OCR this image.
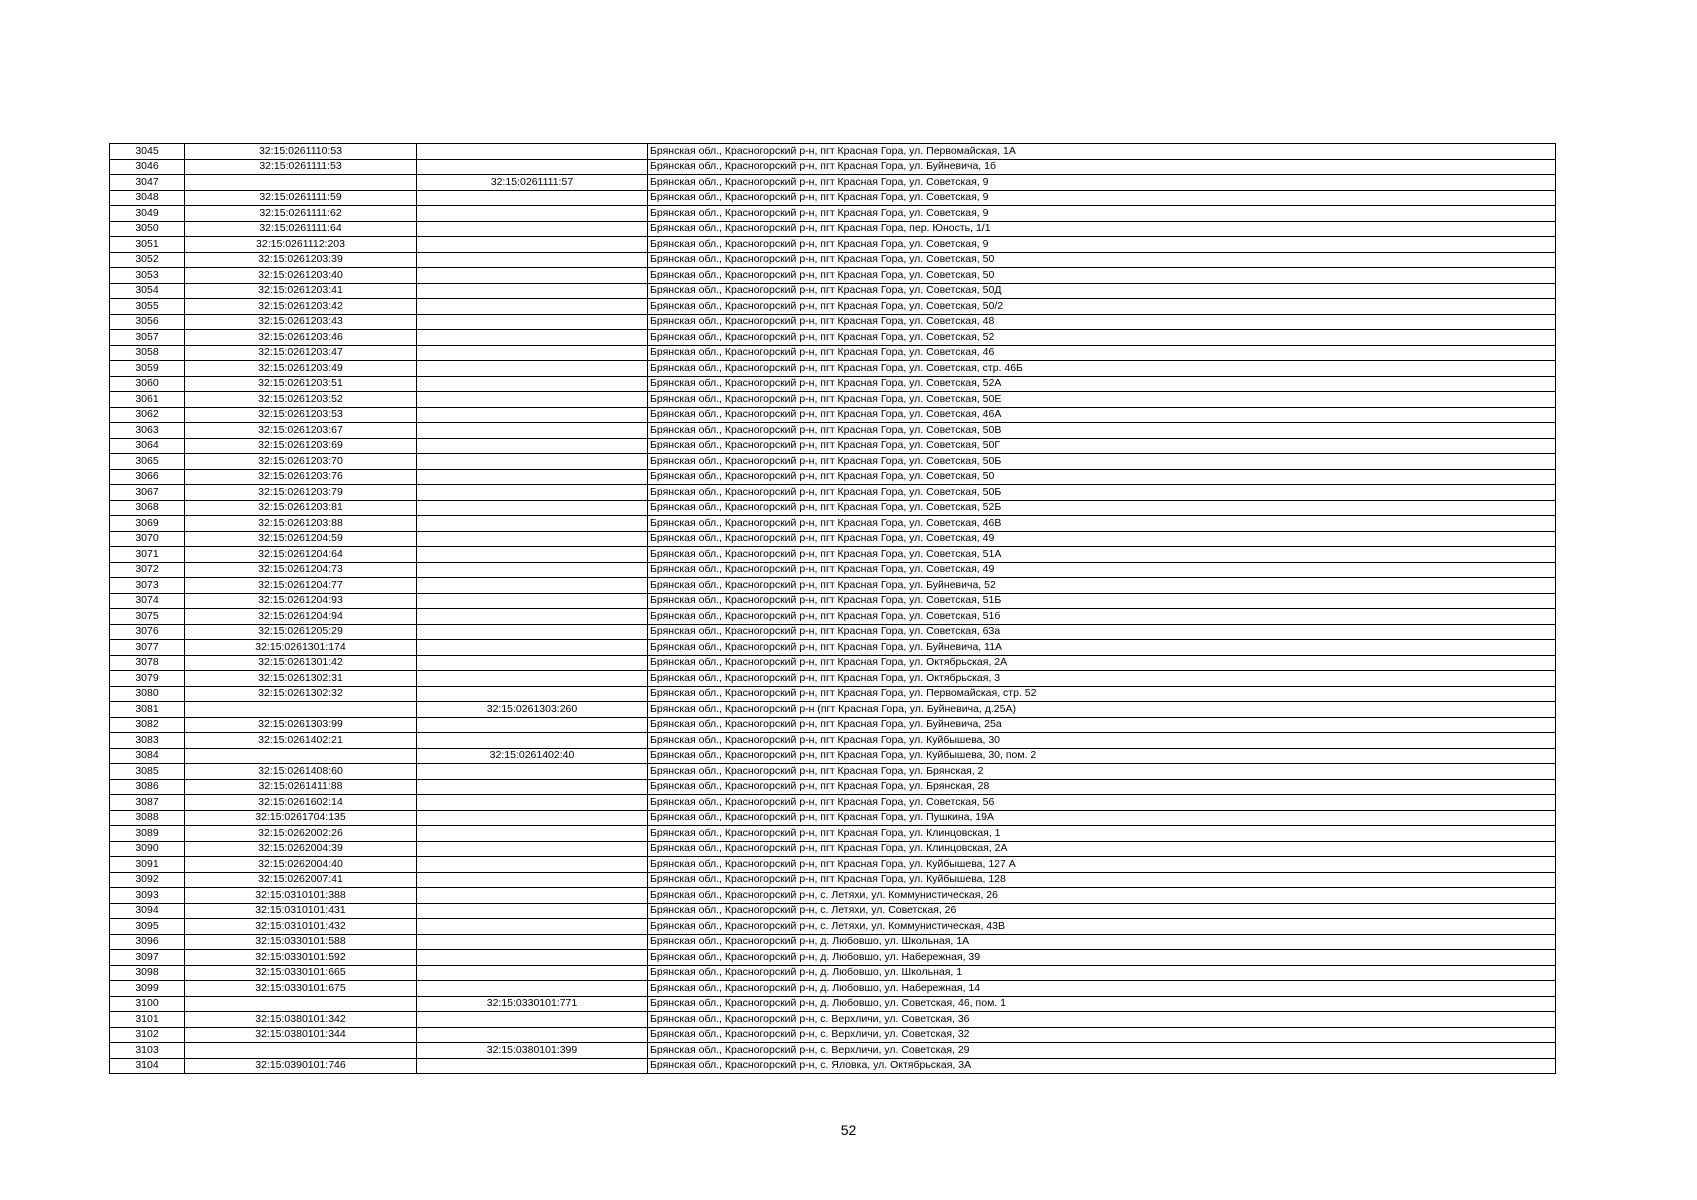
3045	32:15:0261110:53		Брянская обл., Красногорский р-н, пгт Красная Гора, ул. Первомайская, 1А
3046	32:15:0261111:53		Брянская обл., Красногорский р-н, пгт Красная Гора, ул. Буйневича, 1б
3047		32:15:0261111:57	Брянская обл., Красногорский р-н, пгт Красная Гора, ул. Советская, 9
3048	32:15:0261111:59		Брянская обл., Красногорский р-н, пгт Красная Гора, ул. Советская, 9
3049	32:15:0261111:62		Брянская обл., Красногорский р-н, пгт Красная Гора, ул. Советская, 9
3050	32:15:0261111:64		Брянская обл., Красногорский р-н, пгт Красная Гора, пер. Юность, 1/1
3051	32:15:0261112:203		Брянская обл., Красногорский р-н, пгт Красная Гора, ул. Советская, 9
3052	32:15:0261203:39		Брянская обл., Красногорский р-н, пгт Красная Гора, ул. Советская, 50
3053	32:15:0261203:40		Брянская обл., Красногорский р-н, пгт Красная Гора, ул. Советская, 50
3054	32:15:0261203:41		Брянская обл., Красногорский р-н, пгт Красная Гора, ул. Советская, 50Д
3055	32:15:0261203:42		Брянская обл., Красногорский р-н, пгт Красная Гора, ул. Советская, 50/2
3056	32:15:0261203:43		Брянская обл., Красногорский р-н, пгт Красная Гора, ул. Советская, 48
3057	32:15:0261203:46		Брянская обл., Красногорский р-н, пгт Красная Гора, ул. Советская, 52
3058	32:15:0261203:47		Брянская обл., Красногорский р-н, пгт Красная Гора, ул. Советская, 46
3059	32:15:0261203:49		Брянская обл., Красногорский р-н, пгт Красная Гора, ул. Советская, стр. 46Б
3060	32:15:0261203:51		Брянская обл., Красногорский р-н, пгт Красная Гора, ул. Советская, 52А
3061	32:15:0261203:52		Брянская обл., Красногорский р-н, пгт Красная Гора, ул. Советская, 50Е
3062	32:15:0261203:53		Брянская обл., Красногорский р-н, пгт Красная Гора, ул. Советская, 46А
3063	32:15:0261203:67		Брянская обл., Красногорский р-н, пгт Красная Гора, ул. Советская, 50В
3064	32:15:0261203:69		Брянская обл., Красногорский р-н, пгт Красная Гора, ул. Советская, 50Г
3065	32:15:0261203:70		Брянская обл., Красногорский р-н, пгт Красная Гора, ул. Советская, 50Б
3066	32:15:0261203:76		Брянская обл., Красногорский р-н, пгт Красная Гора, ул. Советская, 50
3067	32:15:0261203:79		Брянская обл., Красногорский р-н, пгт Красная Гора, ул. Советская, 50Б
3068	32:15:0261203:81		Брянская обл., Красногорский р-н, пгт Красная Гора, ул. Советская, 52Б
3069	32:15:0261203:88		Брянская обл., Красногорский р-н, пгт Красная Гора, ул. Советская, 46В
3070	32:15:0261204:59		Брянская обл., Красногорский р-н, пгт Красная Гора, ул. Советская, 49
3071	32:15:0261204:64		Брянская обл., Красногорский р-н, пгт Красная Гора, ул. Советская, 51А
3072	32:15:0261204:73		Брянская обл., Красногорский р-н, пгт Красная Гора, ул. Советская, 49
3073	32:15:0261204:77		Брянская обл., Красногорский р-н, пгт Красная Гора, ул. Буйневича, 52
3074	32:15:0261204:93		Брянская обл., Красногорский р-н, пгт Красная Гора, ул. Советская, 51Б
3075	32:15:0261204:94		Брянская обл., Красногорский р-н, пгт Красная Гора, ул. Советская, 51б
3076	32:15:0261205:29		Брянская обл., Красногорский р-н, пгт Красная Гора, ул. Советская, 63а
3077	32:15:0261301:174		Брянская обл., Красногорский р-н, пгт Красная Гора, ул. Буйневича, 11А
3078	32:15:0261301:42		Брянская обл., Красногорский р-н, пгт Красная Гора, ул. Октябрьская, 2А
3079	32:15:0261302:31		Брянская обл., Красногорский р-н, пгт Красная Гора, ул. Октябрьская, 3
3080	32:15:0261302:32		Брянская обл., Красногорский р-н, пгт Красная Гора, ул. Первомайская, стр. 52
3081		32:15:0261303:260	Брянская обл., Красногорский р-н (пгт Красная Гора, ул. Буйневича, д.25А)
3082	32:15:0261303:99		Брянская обл., Красногорский р-н, пгт Красная Гора, ул. Буйневича, 25а
3083	32:15:0261402:21		Брянская обл., Красногорский р-н, пгт Красная Гора, ул. Куйбышева, 30
3084		32:15:0261402:40	Брянская обл., Красногорский р-н, пгт Красная Гора, ул. Куйбышева, 30, пом. 2
3085	32:15:0261408:60		Брянская обл., Красногорский р-н, пгт Красная Гора, ул. Брянская, 2
3086	32:15:0261411:88		Брянская обл., Красногорский р-н, пгт Красная Гора, ул. Брянская, 28
3087	32:15:0261602:14		Брянская обл., Красногорский р-н, пгт Красная Гора, ул. Советская, 56
3088	32:15:0261704:135		Брянская обл., Красногорский р-н, пгт Красная Гора, ул. Пушкина, 19А
3089	32:15:0262002:26		Брянская обл., Красногорский р-н, пгт Красная Гора, ул. Клинцовская, 1
3090	32:15:0262004:39		Брянская обл., Красногорский р-н, пгт Красная Гора, ул. Клинцовская, 2А
3091	32:15:0262004:40		Брянская обл., Красногорский р-н, пгт Красная Гора, ул. Куйбышева, 127 А
3092	32:15:0262007:41		Брянская обл., Красногорский р-н, пгт Красная Гора, ул. Куйбышева, 128
3093	32:15:0310101:388		Брянская обл., Красногорский р-н, с. Летяхи, ул. Коммунистическая, 26
3094	32:15:0310101:431		Брянская обл., Красногорский р-н, с. Летяхи, ул. Советская, 26
3095	32:15:0310101:432		Брянская обл., Красногорский р-н, с. Летяхи, ул. Коммунистическая, 43В
3096	32:15:0330101:588		Брянская обл., Красногорский р-н, д. Любовшо, ул. Школьная, 1А
3097	32:15:0330101:592		Брянская обл., Красногорский р-н, д. Любовшо, ул. Набережная, 39
3098	32:15:0330101:665		Брянская обл., Красногорский р-н, д. Любовшо, ул. Школьная, 1
3099	32:15:0330101:675		Брянская обл., Красногорский р-н, д. Любовшо, ул. Набережная, 14
3100		32:15:0330101:771	Брянская обл., Красногорский р-н, д. Любовшо, ул. Советская, 46, пом. 1
3101	32:15:0380101:342		Брянская обл., Красногорский р-н, с. Верхличи, ул. Советская, 36
3102	32:15:0380101:344		Брянская обл., Красногорский р-н, с. Верхличи, ул. Советская, 32
3103		32:15:0380101:399	Брянская обл., Красногорский р-н, с. Верхличи, ул. Советская, 29
3104	32:15:0390101:746		Брянская обл., Красногорский р-н, с. Яловка, ул. Октябрьская, 3А
52
